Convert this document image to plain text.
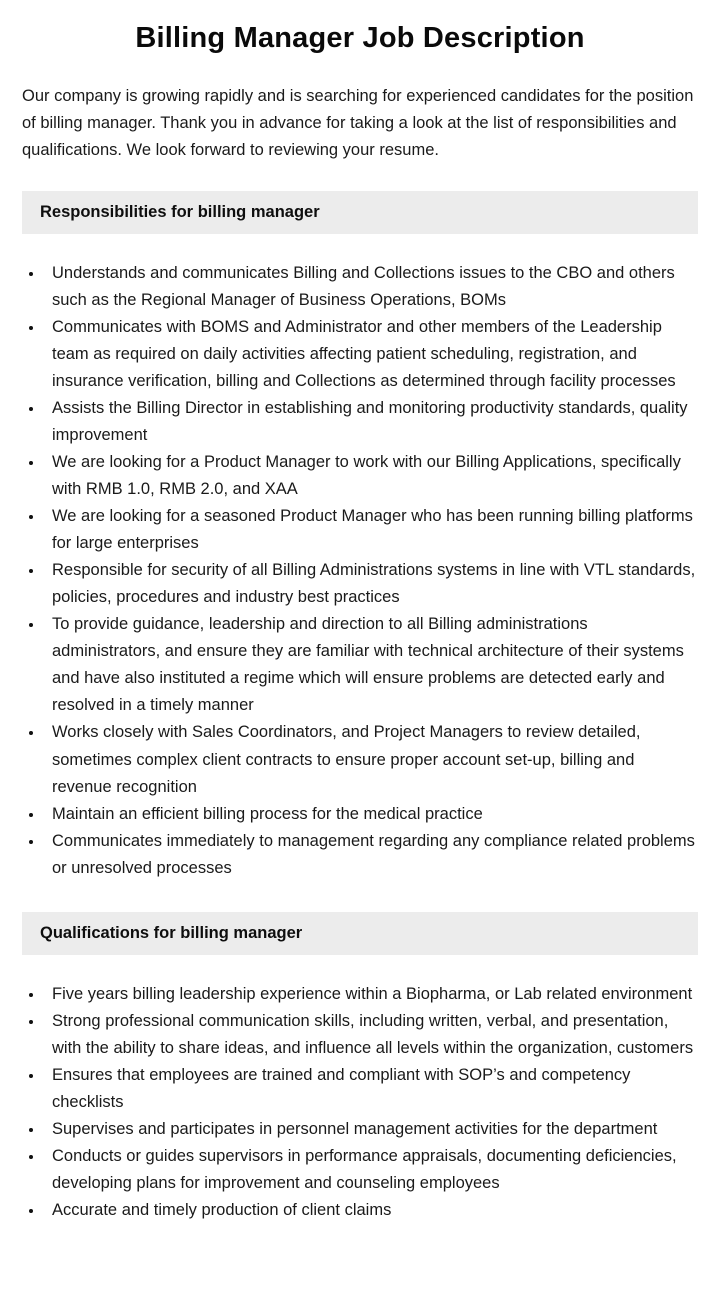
Billing Manager Job Description

Our company is growing rapidly and is searching for experienced candidates for the position of billing manager. Thank you in advance for taking a look at the list of responsibilities and qualifications. We look forward to reviewing your resume.

Responsibilities for billing manager
• Understands and communicates Billing and Collections issues to the CBO and others such as the Regional Manager of Business Operations, BOMs
• Communicates with BOMS and Administrator and other members of the Leadership team as required on daily activities affecting patient scheduling, registration, and insurance verification, billing and Collections as determined through facility processes
• Assists the Billing Director in establishing and monitoring productivity standards, quality improvement
• We are looking for a Product Manager to work with our Billing Applications, specifically with RMB 1.0, RMB 2.0, and XAA
• We are looking for a seasoned Product Manager who has been running billing platforms for large enterprises
• Responsible for security of all Billing Administrations systems in line with VTL standards, policies, procedures and industry best practices
• To provide guidance, leadership and direction to all Billing administrations administrators, and ensure they are familiar with technical architecture of their systems and have also instituted a regime which will ensure problems are detected early and resolved in a timely manner
• Works closely with Sales Coordinators, and Project Managers to review detailed, sometimes complex client contracts to ensure proper account set-up, billing and revenue recognition
• Maintain an efficient billing process for the medical practice
• Communicates immediately to management regarding any compliance related problems or unresolved processes
Qualifications for billing manager
• Five years billing leadership experience within a Biopharma, or Lab related environment
• Strong professional communication skills, including written, verbal, and presentation, with the ability to share ideas, and influence all levels within the organization, customers
• Ensures that employees are trained and compliant with SOP’s and competency checklists
• Supervises and participates in personnel management activities for the department
• Conducts or guides supervisors in performance appraisals, documenting deficiencies, developing plans for improvement and counseling employees
• Accurate and timely production of client claims
